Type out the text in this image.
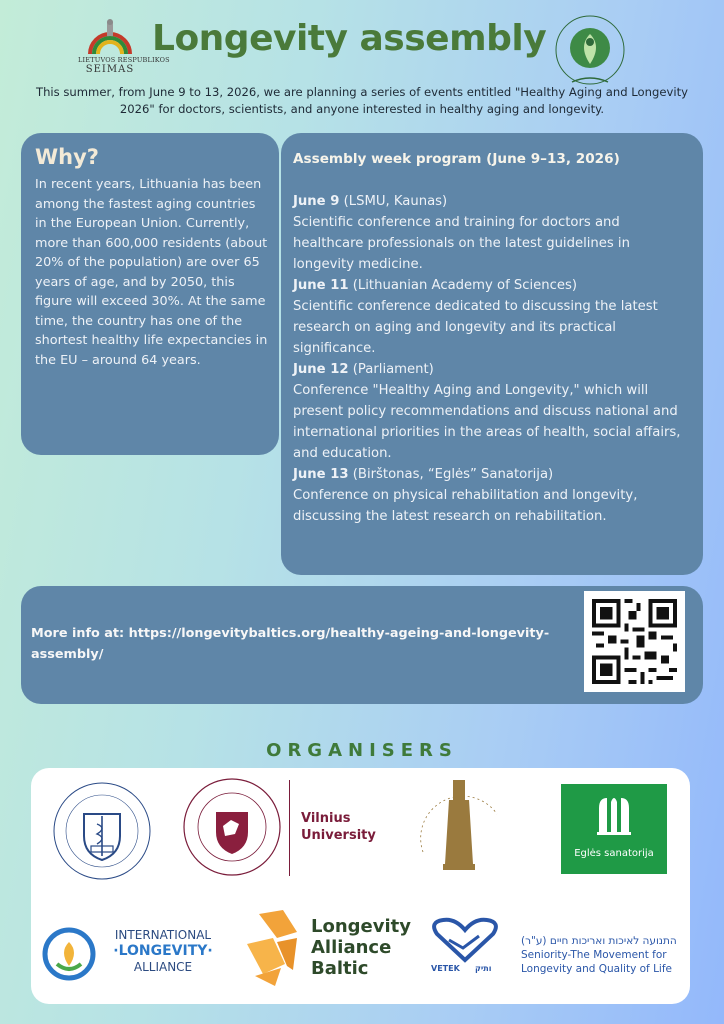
LIETUVOS RESPUBLIKOS
SEIMAS
Longevity assembly
This summer, from June 9 to 13, 2026, we are planning a series of events entitled "Healthy Aging and Longevity 2026" for doctors, scientists, and anyone interested in healthy aging and longevity.
Why?
In recent years, Lithuania has been among the fastest aging countries in the European Union. Currently, more than 600,000 residents (about 20% of the population) are over 65 years of age, and by 2050, this figure will exceed 30%. At the same time, the country has one of the shortest healthy life expectancies in the EU – around 64 years.
Assembly week program (June 9–13, 2026)
June 9 (LSMU, Kaunas)
Scientific conference and training for doctors and healthcare professionals on the latest guidelines in longevity medicine.
June 11 (Lithuanian Academy of Sciences)
Scientific conference dedicated to discussing the latest research on aging and longevity and its practical significance.
June 12 (Parliament)
Conference "Healthy Aging and Longevity," which will present policy recommendations and discuss national and international priorities in the areas of health, social affairs, and education.
June 13 (Birštonas, “Eglės” Sanatorija)
Conference on physical rehabilitation and longevity, discussing the latest research on rehabilitation.
More info at: https://longevitybaltics.org/healthy-ageing-and-longevity-assembly/
ORGANISERS
Vilnius
University
Eglės sanatorija
INTERNATIONAL
·LONGEVITY·
ALLIANCE
Longevity
Alliance
Baltic	VETEK ותיק
התנועה לאיכות ואריכות חיים (ע"ר)
Seniority-The Movement for
Longevity and Quality of Life
